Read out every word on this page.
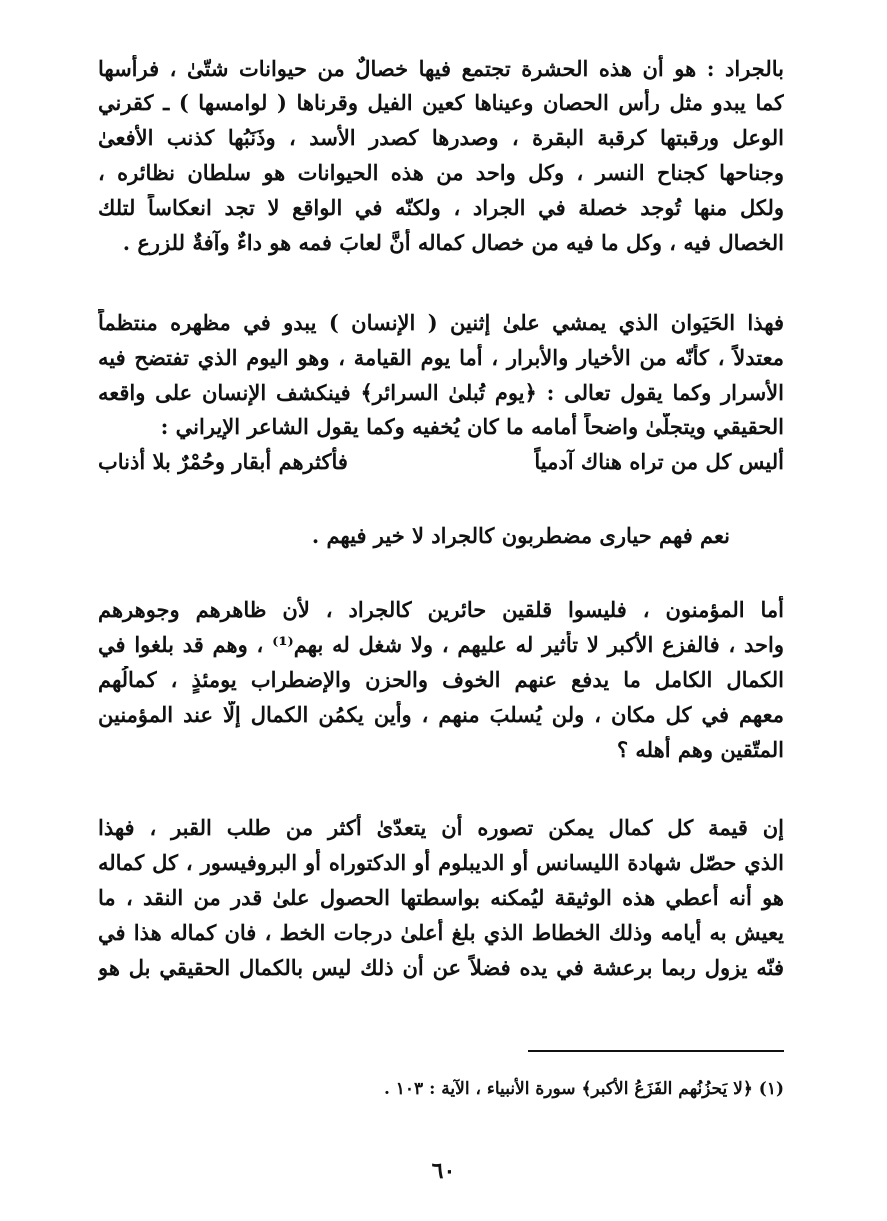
بالجراد : هو أن هذه الحشرة تجتمع فيها خصالٌ من حيوانات شتّىٰ ، فرأسها
كما يبدو مثل رأس الحصان وعيناها كعين الفيل وقرناها ( لوامسها ) ـ كقرني
الوعل ورقبتها كرقبة البقرة ، وصدرها كصدر الأسد ، وذَنَبُها كذنب الأفعىٰ
وجناحها كجناح النسر ، وكل واحد من هذه الحيوانات هو سلطان نظائره ،
ولكل منها تُوجد خصلة في الجراد ، ولكنّه في الواقع لا تجد انعكاساً لتلك
الخصال فيه ، وكل ما فيه من خصال كماله أنَّ لعابَ فمه هو داءٌ وآفةٌ للزرع .
فهذا الحَيَوان الذي يمشي علىٰ إثنين ( الإنسان ) يبدو في مظهره منتظماً
معتدلاً ، كأنّه من الأخيار والأبرار ، أما يوم القيامة ، وهو اليوم الذي تفتضح فيه
الأسرار وكما يقول تعالى : ﴿يوم تُبلىٰ السرائر﴾ فينكشف الإنسان على واقعه
الحقيقي ويتجلّىٰ واضحاً أمامه ما كان يُخفيه وكما يقول الشاعر الإيراني :
أليس كل من تراه هناك آدمياً
فأكثرهم أبقار وحُمْرٌ بلا أذناب
نعم فهم حيارى مضطربون كالجراد لا خير فيهم .
أما المؤمنون ، فليسوا قلقين حائرين كالجراد ، لأن ظاهرهم وجوهرهم
واحد ، فالفزع الأكبر لا تأثير له عليهم ، ولا شغل له بهم⁽¹⁾ ، وهم قد بلغوا في
الكمال الكامل ما يدفع عنهم الخوف والحزن والإضطراب يومئذٍ ، كمالُهم
معهم في كل مكان ، ولن يُسلبَ منهم ، وأين يكمُن الكمال إلّا عند المؤمنين
المتّقين وهم أهله ؟
إن قيمة كل كمال يمكن تصوره أن يتعدّىٰ أكثر من طلب القبر ، فهذا
الذي حصّل شهادة الليسانس أو الديبلوم أو الدكتوراه أو البروفيسور ، كل كماله
هو أنه أعطي هذه الوثيقة ليُمكنه بواسطتها الحصول علىٰ قدر من النقد ، ما
يعيش به أيامه وذلك الخطاط الذي بلغ أعلىٰ درجات الخط ، فان كماله هذا في
فنّه يزول ربما برعشة في يده فضلاً عن أن ذلك ليس بالكمال الحقيقي بل هو
(١) ﴿لا يَحزُنُهم الفَزَعُ الأكبر﴾ سورة الأنبياء ، الآية : ١٠٣ .
٦٠
